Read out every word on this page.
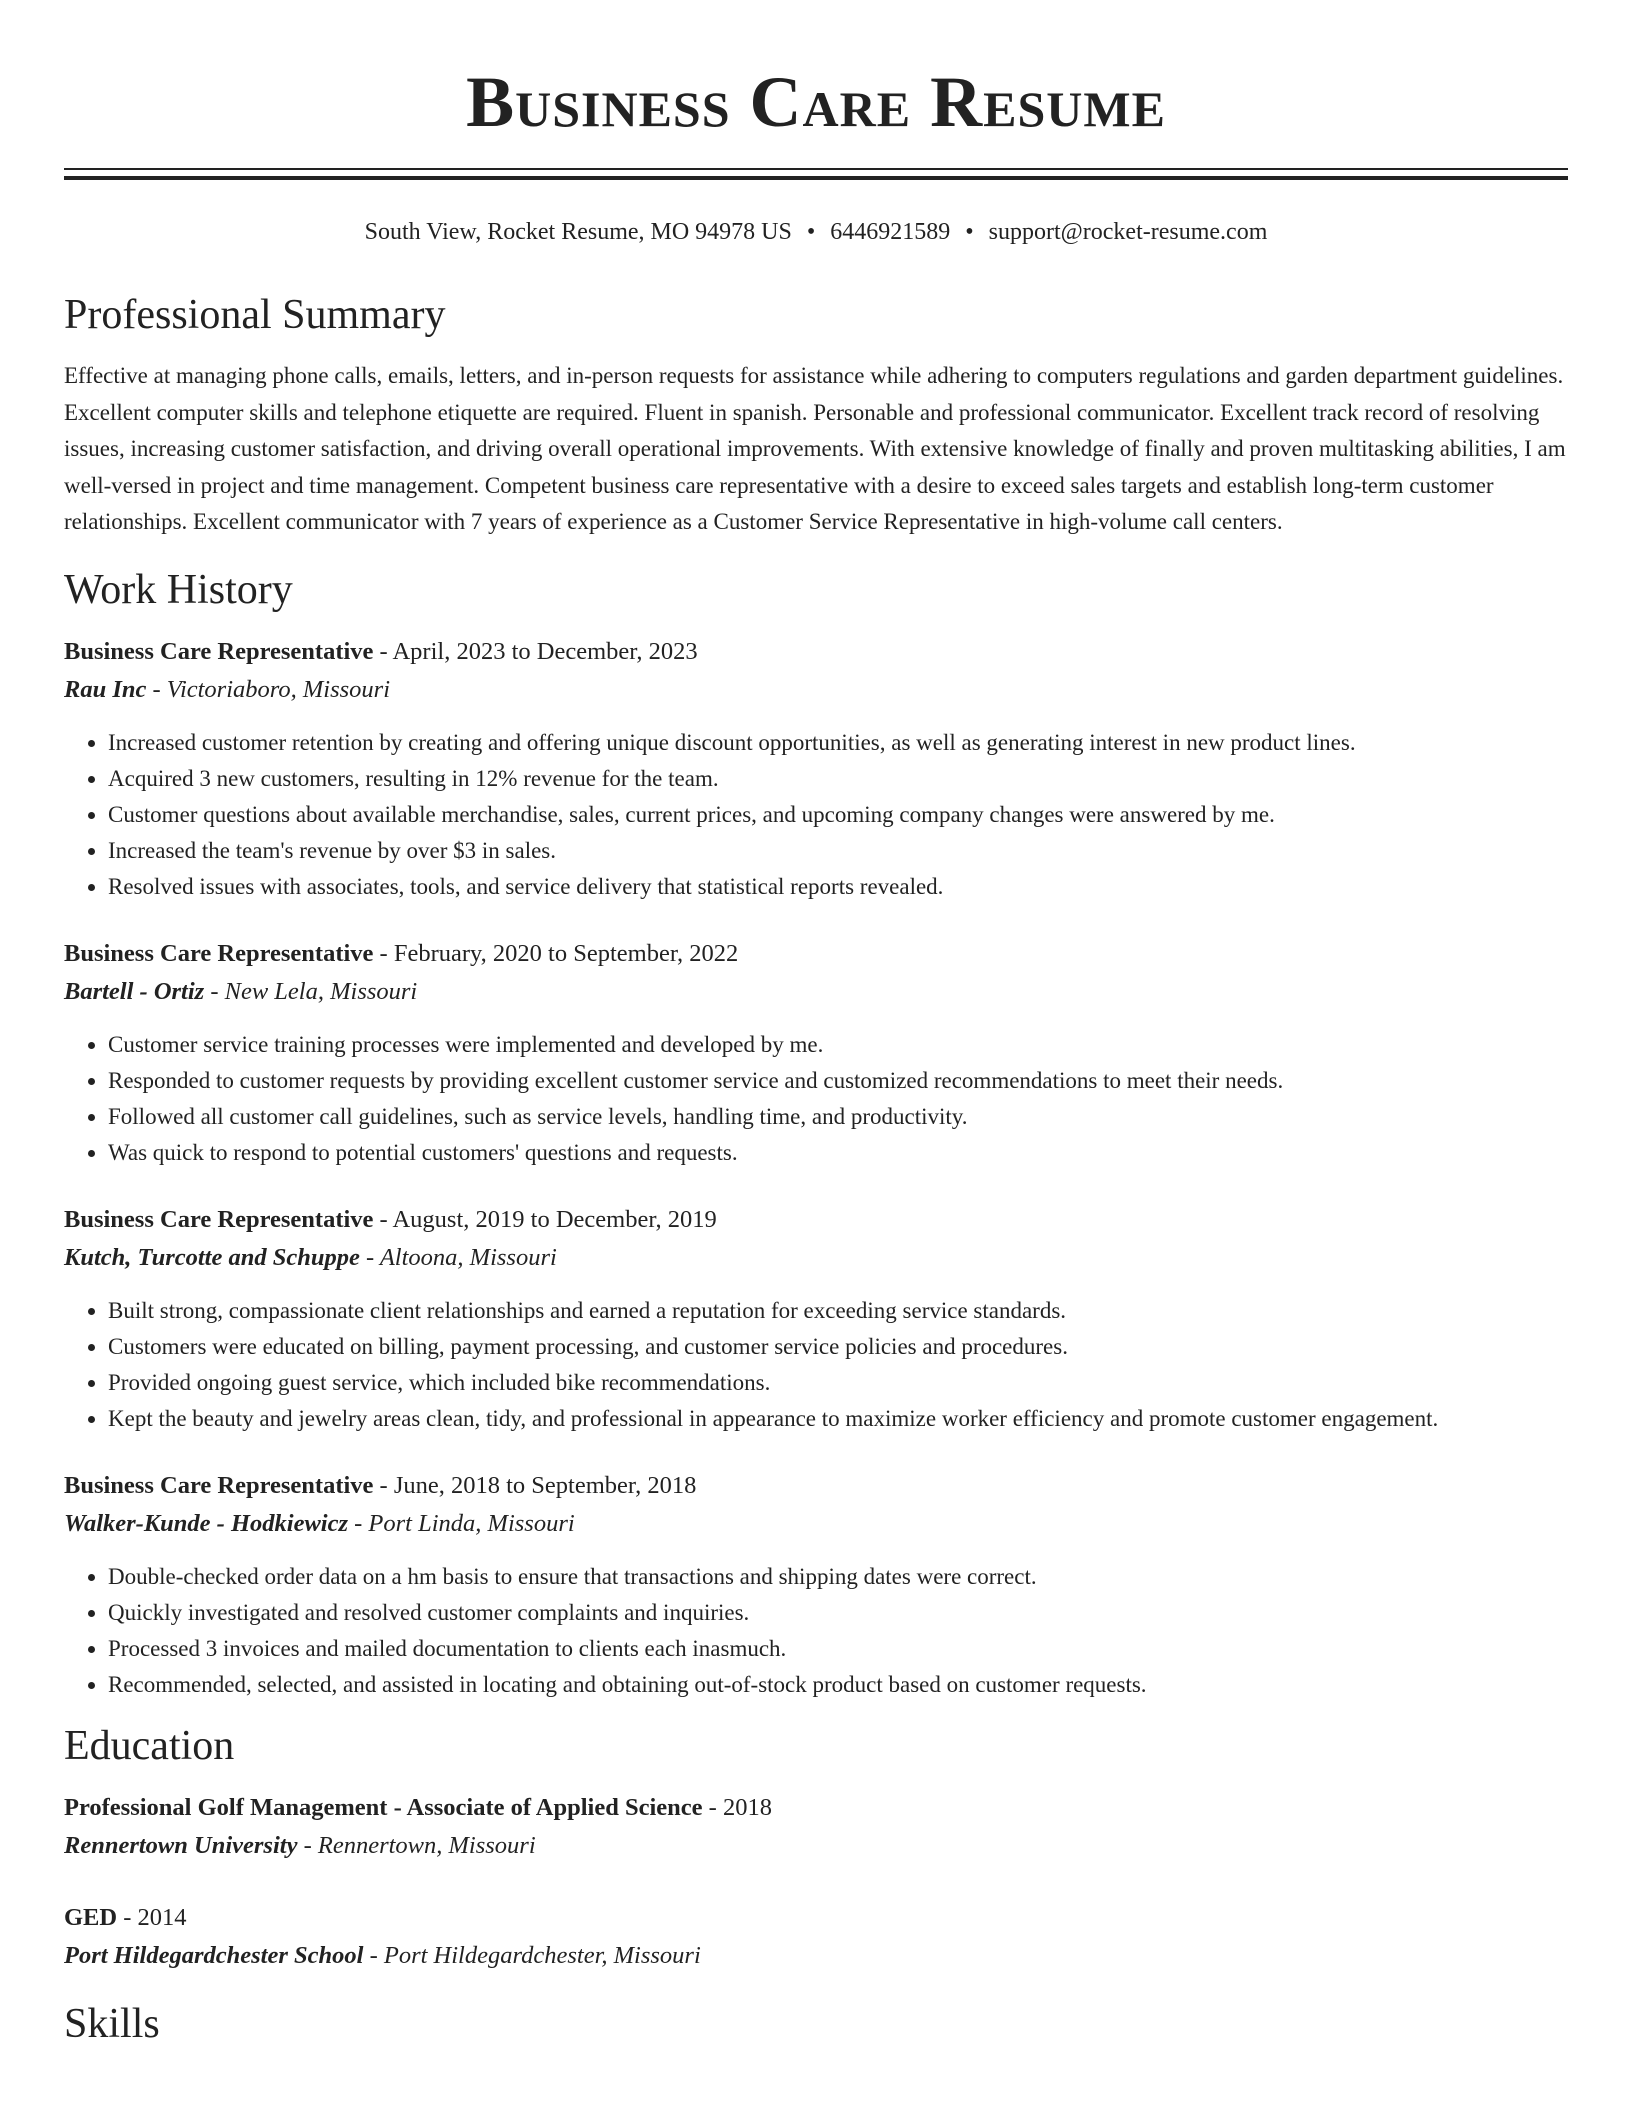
Business Care Resume
South View, Rocket Resume, MO 94978 US • 6446921589 • support@rocket-resume.com
Professional Summary

Effective at managing phone calls, emails, letters, and in-person requests for assistance while adhering to computers regulations and garden department guidelines. Excellent computer skills and telephone etiquette are required. Fluent in spanish. Personable and professional communicator. Excellent track record of resolving issues, increasing customer satisfaction, and driving overall operational improvements. With extensive knowledge of finally and proven multitasking abilities, I am well-versed in project and time management. Competent business care representative with a desire to exceed sales targets and establish long-term customer relationships. Excellent communicator with 7 years of experience as a Customer Service Representative in high-volume call centers.

Work History
Business Care Representative - April, 2023 to December, 2023
Rau Inc - Victoriaboro, Missouri
• Increased customer retention by creating and offering unique discount opportunities, as well as generating interest in new product lines.
• Acquired 3 new customers, resulting in 12% revenue for the team.
• Customer questions about available merchandise, sales, current prices, and upcoming company changes were answered by me.
• Increased the team's revenue by over $3 in sales.
• Resolved issues with associates, tools, and service delivery that statistical reports revealed.
Business Care Representative - February, 2020 to September, 2022
Bartell - Ortiz - New Lela, Missouri
• Customer service training processes were implemented and developed by me.
• Responded to customer requests by providing excellent customer service and customized recommendations to meet their needs.
• Followed all customer call guidelines, such as service levels, handling time, and productivity.
• Was quick to respond to potential customers' questions and requests.
Business Care Representative - August, 2019 to December, 2019
Kutch, Turcotte and Schuppe - Altoona, Missouri
• Built strong, compassionate client relationships and earned a reputation for exceeding service standards.
• Customers were educated on billing, payment processing, and customer service policies and procedures.
• Provided ongoing guest service, which included bike recommendations.
• Kept the beauty and jewelry areas clean, tidy, and professional in appearance to maximize worker efficiency and promote customer engagement.
Business Care Representative - June, 2018 to September, 2018
Walker-Kunde - Hodkiewicz - Port Linda, Missouri
• Double-checked order data on a hm basis to ensure that transactions and shipping dates were correct.
• Quickly investigated and resolved customer complaints and inquiries.
• Processed 3 invoices and mailed documentation to clients each inasmuch.
• Recommended, selected, and assisted in locating and obtaining out-of-stock product based on customer requests.
Education
Professional Golf Management - Associate of Applied Science - 2018
Rennertown University - Rennertown, Missouri
GED - 2014
Port Hildegardchester School - Port Hildegardchester, Missouri
Skills
